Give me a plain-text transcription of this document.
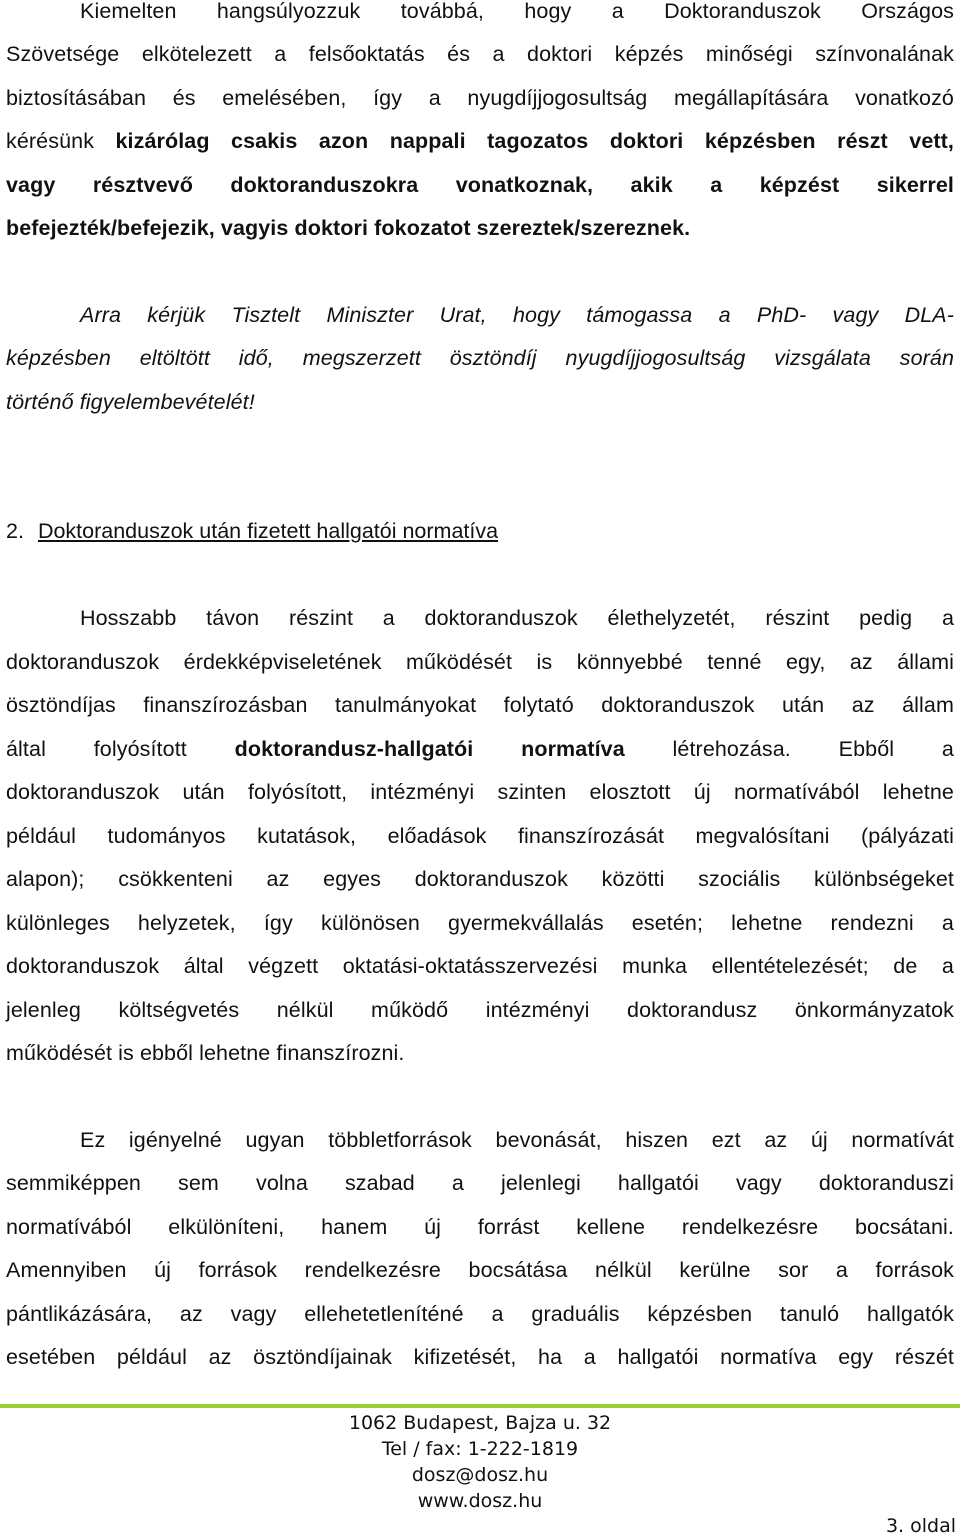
Kiemelten hangsúlyozzuk továbbá, hogy a Doktoranduszok Országos
Szövetsége elkötelezett a felsőoktatás és a doktori képzés minőségi színvonalának
biztosításában és emelésében, így a nyugdíjjogosultság megállapítására vonatkozó
kérésünk kizárólag csakis azon nappali tagozatos doktori képzésben részt vett,
vagy résztvevő doktoranduszokra vonatkoznak, akik a képzést sikerrel
befejezték/befejezik, vagyis doktori fokozatot szereztek/szereznek.
Arra kérjük Tisztelt Miniszter Urat, hogy támogassa a PhD- vagy DLA-
képzésben eltöltött idő, megszerzett ösztöndíj nyugdíjjogosultság vizsgálata során
történő figyelembevételét!
2. Doktoranduszok után fizetett hallgatói normatíva
Hosszabb távon részint a doktoranduszok élethelyzetét, részint pedig a
doktoranduszok érdekképviseletének működését is könnyebbé tenné egy, az állami
ösztöndíjas finanszírozásban tanulmányokat folytató doktoranduszok után az állam
által folyósított doktorandusz-hallgatói normatíva létrehozása. Ebből a
doktoranduszok után folyósított, intézményi szinten elosztott új normatívából lehetne
például tudományos kutatások, előadások finanszírozását megvalósítani (pályázati
alapon); csökkenteni az egyes doktoranduszok közötti szociális különbségeket
különleges helyzetek, így különösen gyermekvállalás esetén; lehetne rendezni a
doktoranduszok által végzett oktatási-oktatásszervezési munka ellentételezését; de a
jelenleg költségvetés nélkül működő intézményi doktorandusz önkormányzatok
működését is ebből lehetne finanszírozni.
Ez igényelné ugyan többletforrások bevonását, hiszen ezt az új normatívát
semmiképpen sem volna szabad a jelenlegi hallgatói vagy doktoranduszi
normatívából elkülöníteni, hanem új forrást kellene rendelkezésre bocsátani.
Amennyiben új források rendelkezésre bocsátása nélkül kerülne sor a források
pántlikázására, az vagy ellehetetleníténé a graduális képzésben tanuló hallgatók
esetében például az ösztöndíjainak kifizetését, ha a hallgatói normatíva egy részét
1062 Budapest, Bajza u. 32
Tel / fax: 1-222-1819
dosz@dosz.hu
www.dosz.hu
3. oldal
